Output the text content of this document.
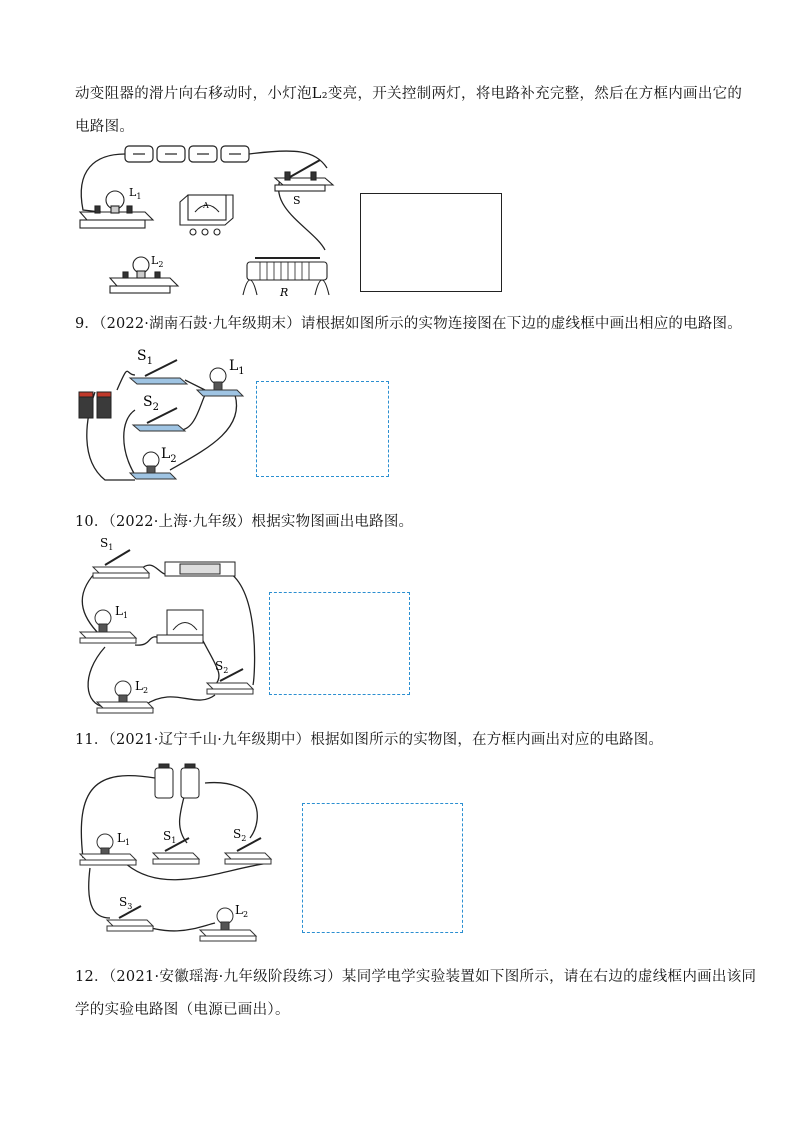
动变阻器的滑片向右移动时，小灯泡L₂变亮，开关控制两灯，将电路补充完整，然后在方框内画出它的
电路图。
$L_1$
A	S
$L_2$
R
9．（2022·湖南石鼓·九年级期末）请根据如图所示的实物连接图在下边的虚线框中画出相应的电路图。
$S_1$	$L_1$
$S_2$
$L_2$
10．（2022·上海·九年级）根据实物图画出电路图。
$S_1$
$L_1$
$S_2$
$L_2$
11．（2021·辽宁千山·九年级期中）根据如图所示的实物图，在方框内画出对应的电路图。
$L_1$	$S_1$	$S_2$
$S_3$	$L_2$
12．（2021·安徽瑶海·九年级阶段练习）某同学电学实验装置如下图所示，请在右边的虚线框内画出该同
学的实验电路图（电源已画出）。
